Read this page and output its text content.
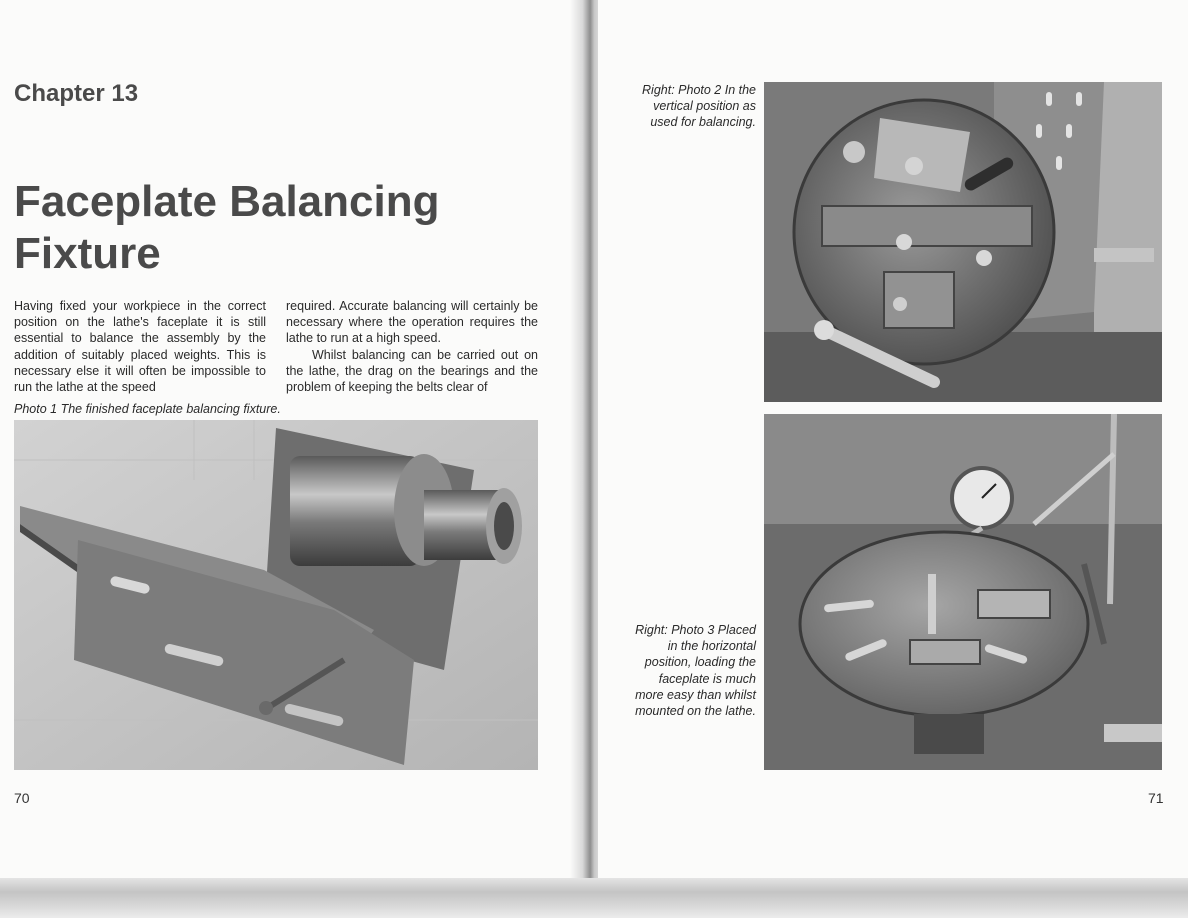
Chapter 13
Faceplate Balancing
Fixture

Having fixed your workpiece in the correct position on the lathe's faceplate it is still essential to balance the assembly by the addition of suitably placed weights. This is necessary else it will often be impossible to run the lathe at the speed

required. Accurate balancing will certainly be necessary where the operation requires the lathe to run at a high speed.

Whilst balancing can be carried out on the lathe, the drag on the bearings and the problem of keeping the belts clear of

Photo 1 The finished faceplate balancing fixture.

70

Right: Photo 2 In the vertical position as used for balancing.

Right: Photo 3 Placed in the horizontal position, loading the faceplate is much more easy than whilst mounted on the lathe.

71
